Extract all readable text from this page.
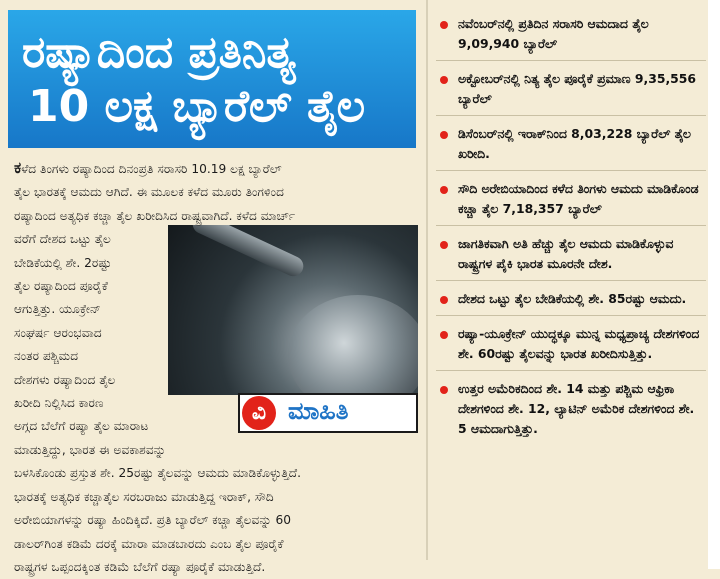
ರಷ್ಯಾದಿಂದ ಪ್ರತಿನಿತ್ಯ
10 ಲಕ್ಷ ಬ್ಯಾರೆಲ್ ತೈಲ
ಕಳೆದ ತಿಂಗಳು ರಷ್ಯಾದಿಂದ ದಿನಂಪ್ರತಿ ಸರಾಸರಿ 10.19 ಲಕ್ಷ ಬ್ಯಾರೆಲ್
ತೈಲ ಭಾರತಕ್ಕೆ ಆಮದು ಆಗಿದೆ. ಈ ಮೂಲಕ ಕಳೆದ ಮೂರು ತಿಂಗಳಿಂದ
ರಷ್ಯಾದಿಂದ ಅತ್ಯಧಿಕ ಕಚ್ಚಾ ತೈಲ ಖರೀದಿಸಿದ ರಾಷ್ಟ್ರವಾಗಿದೆ. ಕಳೆದ ಮಾರ್ಚ್
ವರೆಗೆ ದೇಶದ ಒಟ್ಟು ತೈಲ
ಬೇಡಿಕೆಯಲ್ಲಿ ಶೇ. 2ರಷ್ಟು
ತೈಲ ರಷ್ಯಾದಿಂದ ಪೂರೈಕೆ
ಆಗುತ್ತಿತ್ತು. ಯೂಕ್ರೇನ್
ಸಂಘರ್ಷ ಆರಂಭವಾದ
ನಂತರ ಪಶ್ಚಿಮದ
ದೇಶಗಳು ರಷ್ಯಾದಿಂದ ತೈಲ
ಖರೀದಿ ನಿಲ್ಲಿಸಿದ ಕಾರಣ
ಅಗ್ಗದ ಬೆಲೆಗೆ ರಷ್ಯಾ ತೈಲ ಮಾರಾಟ
ಮಾಡುತ್ತಿದ್ದು, ಭಾರತ ಈ ಅವಕಾಶವನ್ನು
ಬಳಸಿಕೊಂಡು ಪ್ರಸ್ತುತ ಶೇ. 25ರಷ್ಟು ತೈಲವನ್ನು ಆಮದು ಮಾಡಿಕೊಳ್ಳುತ್ತಿದೆ.
ಭಾರತಕ್ಕೆ ಅತ್ಯಧಿಕ ಕಚ್ಚಾತೈಲ ಸರಬರಾಜು ಮಾಡುತ್ತಿದ್ದ ಇರಾಕ್, ಸೌದಿ
ಅರೇಬಿಯಾಗಳನ್ನು ರಷ್ಯಾ ಹಿಂದಿಕ್ಕಿದೆ. ಪ್ರತಿ ಬ್ಯಾರೆಲ್ ಕಚ್ಚಾ ತೈಲವನ್ನು 60
ಡಾಲರ್‌ಗಿಂತ ಕಡಿಮೆ ದರಕ್ಕೆ ಮಾರಾ ಮಾಡಬಾರದು ಎಂಬ ತೈಲ ಪೂರೈಕೆ
ರಾಷ್ಟ್ರಗಳ ಒಪ್ಪಂದಕ್ಕಿಂತ ಕಡಿಮೆ ಬೆಲೆಗೆ ರಷ್ಯಾ ಪೂರೈಕೆ ಮಾಡುತ್ತಿದೆ.
ವಿ ಮಾಹಿತಿ
ನವೆಂಬರ್‌ನಲ್ಲಿ ಪ್ರತಿದಿನ ಸರಾಸರಿ ಆಮದಾದ ತೈಲ 9,09,940 ಬ್ಯಾರೆಲ್
ಅಕ್ಟೋಬರ್‌ನಲ್ಲಿ ನಿತ್ಯ ತೈಲ ಪೂರೈಕೆ ಪ್ರಮಾಣ 9,35,556 ಬ್ಯಾರೆಲ್
ಡಿಸೆಂಬರ್‌ನಲ್ಲಿ ಇರಾಕ್‌ನಿಂದ 8,03,228 ಬ್ಯಾರೆಲ್ ತೈಲ ಖರೀದಿ.
ಸೌದಿ ಅರೇಬಿಯಾದಿಂದ ಕಳೆದ ತಿಂಗಳು ಆಮದು ಮಾಡಿಕೊಂಡ ಕಚ್ಚಾ ತೈಲ 7,18,357 ಬ್ಯಾರೆಲ್
ಜಾಗತಿಕವಾಗಿ ಅತಿ ಹೆಚ್ಚು ತೈಲ ಆಮದು ಮಾಡಿಕೊಳ್ಳುವ ರಾಷ್ಟ್ರಗಳ ಪೈಕಿ ಭಾರತ ಮೂರನೇ ದೇಶ.
ದೇಶದ ಒಟ್ಟು ತೈಲ ಬೇಡಿಕೆಯಲ್ಲಿ ಶೇ. 85ರಷ್ಟು ಆಮದು.
ರಷ್ಯಾ-ಯೂಕ್ರೇನ್ ಯುದ್ಧಕ್ಕೂ ಮುನ್ನ ಮಧ್ಯಪ್ರಾಚ್ಯ ದೇಶಗಳಿಂದ ಶೇ. 60ರಷ್ಟು ತೈಲವನ್ನು ಭಾರತ ಖರೀದಿಸುತ್ತಿತ್ತು.
ಉತ್ತರ ಅಮೆರಿಕದಿಂದ ಶೇ. 14 ಮತ್ತು ಪಶ್ಚಿಮ ಆಫ್ರಿಕಾ ದೇಶಗಳಿಂದ ಶೇ. 12, ಲ್ಯಾಟಿನ್ ಅಮೆರಿಕ ದೇಶಗಳಿಂದ ಶೇ. 5 ಆಮದಾಗುತ್ತಿತ್ತು.
